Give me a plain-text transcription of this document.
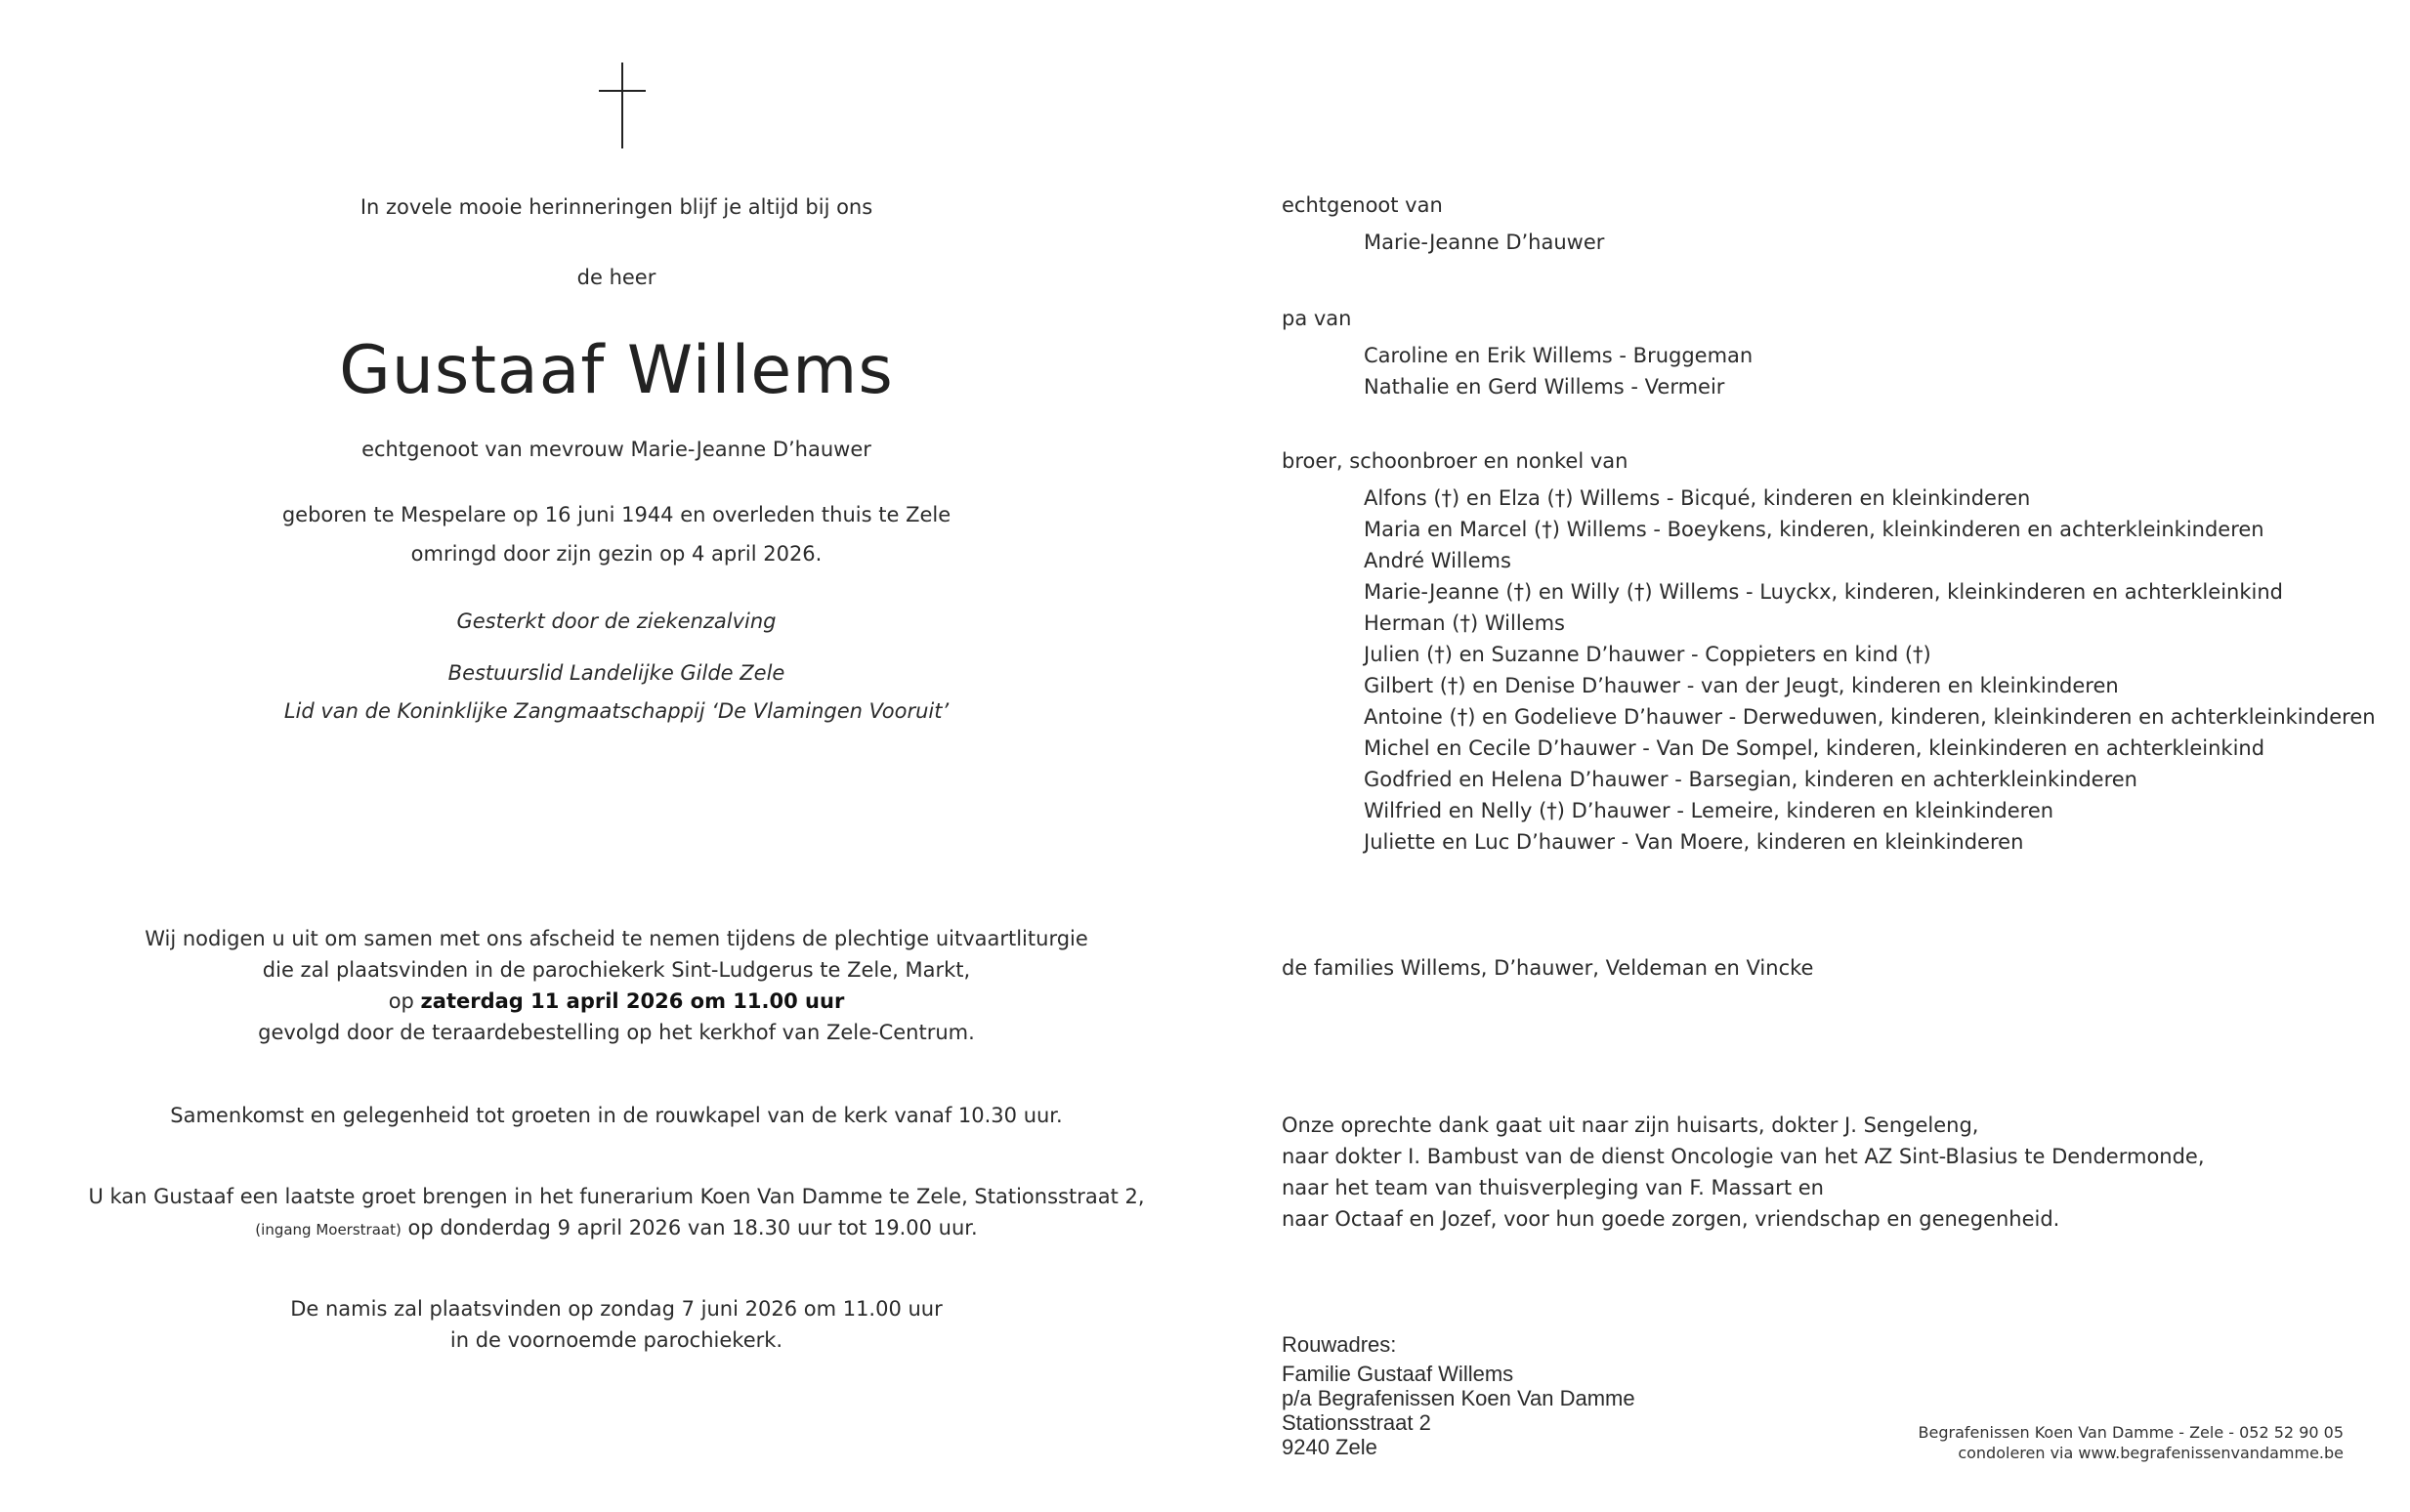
In zovele mooie herinneringen blijf je altijd bij ons
de heer
Gustaaf Willems
echtgenoot van mevrouw Marie-Jeanne D’hauwer
geboren te Mespelare op 16 juni 1944 en overleden thuis te Zele
omringd door zijn gezin op 4 april 2026.
Gesterkt door de ziekenzalving
Bestuurslid Landelijke Gilde Zele
Lid van de Koninklijke Zangmaatschappij ‘De Vlamingen Vooruit’
Wij nodigen u uit om samen met ons afscheid te nemen tijdens de plechtige uitvaartliturgie
die zal plaatsvinden in de parochiekerk Sint-Ludgerus te Zele, Markt,
op zaterdag 11 april 2026 om 11.00 uur
gevolgd door de teraardebestelling op het kerkhof van Zele-Centrum.
Samenkomst en gelegenheid tot groeten in de rouwkapel van de kerk vanaf 10.30 uur.
U kan Gustaaf een laatste groet brengen in het funerarium Koen Van Damme te Zele, Stationsstraat 2,
(ingang Moerstraat) op donderdag 9 april 2026 van 18.30 uur tot 19.00 uur.
De namis zal plaatsvinden op zondag 7 juni 2026 om 11.00 uur
in de voornoemde parochiekerk.
echtgenoot van
Marie-Jeanne D’hauwer
pa van
Caroline en Erik Willems - Bruggeman
Nathalie en Gerd Willems - Vermeir
broer, schoonbroer en nonkel van
Alfons (†) en Elza (†) Willems - Bicqué, kinderen en kleinkinderen
Maria en Marcel (†) Willems - Boeykens, kinderen, kleinkinderen en achterkleinkinderen
André Willems
Marie-Jeanne (†) en Willy (†) Willems - Luyckx, kinderen, kleinkinderen en achterkleinkind
Herman (†) Willems
Julien (†) en Suzanne D’hauwer - Coppieters en kind (†)
Gilbert (†) en Denise D’hauwer - van der Jeugt, kinderen en kleinkinderen
Antoine (†) en Godelieve D’hauwer - Derweduwen, kinderen, kleinkinderen en achterkleinkinderen
Michel en Cecile D’hauwer - Van De Sompel, kinderen, kleinkinderen en achterkleinkind
Godfried en Helena D’hauwer - Barsegian, kinderen en achterkleinkinderen
Wilfried en Nelly (†) D’hauwer - Lemeire, kinderen en kleinkinderen
Juliette en Luc D’hauwer - Van Moere, kinderen en kleinkinderen
de families Willems, D’hauwer, Veldeman en Vincke
Onze oprechte dank gaat uit naar zijn huisarts, dokter J. Sengeleng,
naar dokter I. Bambust van de dienst Oncologie van het AZ Sint-Blasius te Dendermonde,
naar het team van thuisverpleging van F. Massart en
naar Octaaf en Jozef, voor hun goede zorgen, vriendschap en genegenheid.
Rouwadres:
Familie Gustaaf Willems
p/a Begrafenissen Koen Van Damme
Stationsstraat 2
9240 Zele
Begrafenissen Koen Van Damme - Zele - 052 52 90 05
condoleren via www.begrafenissenvandamme.be
